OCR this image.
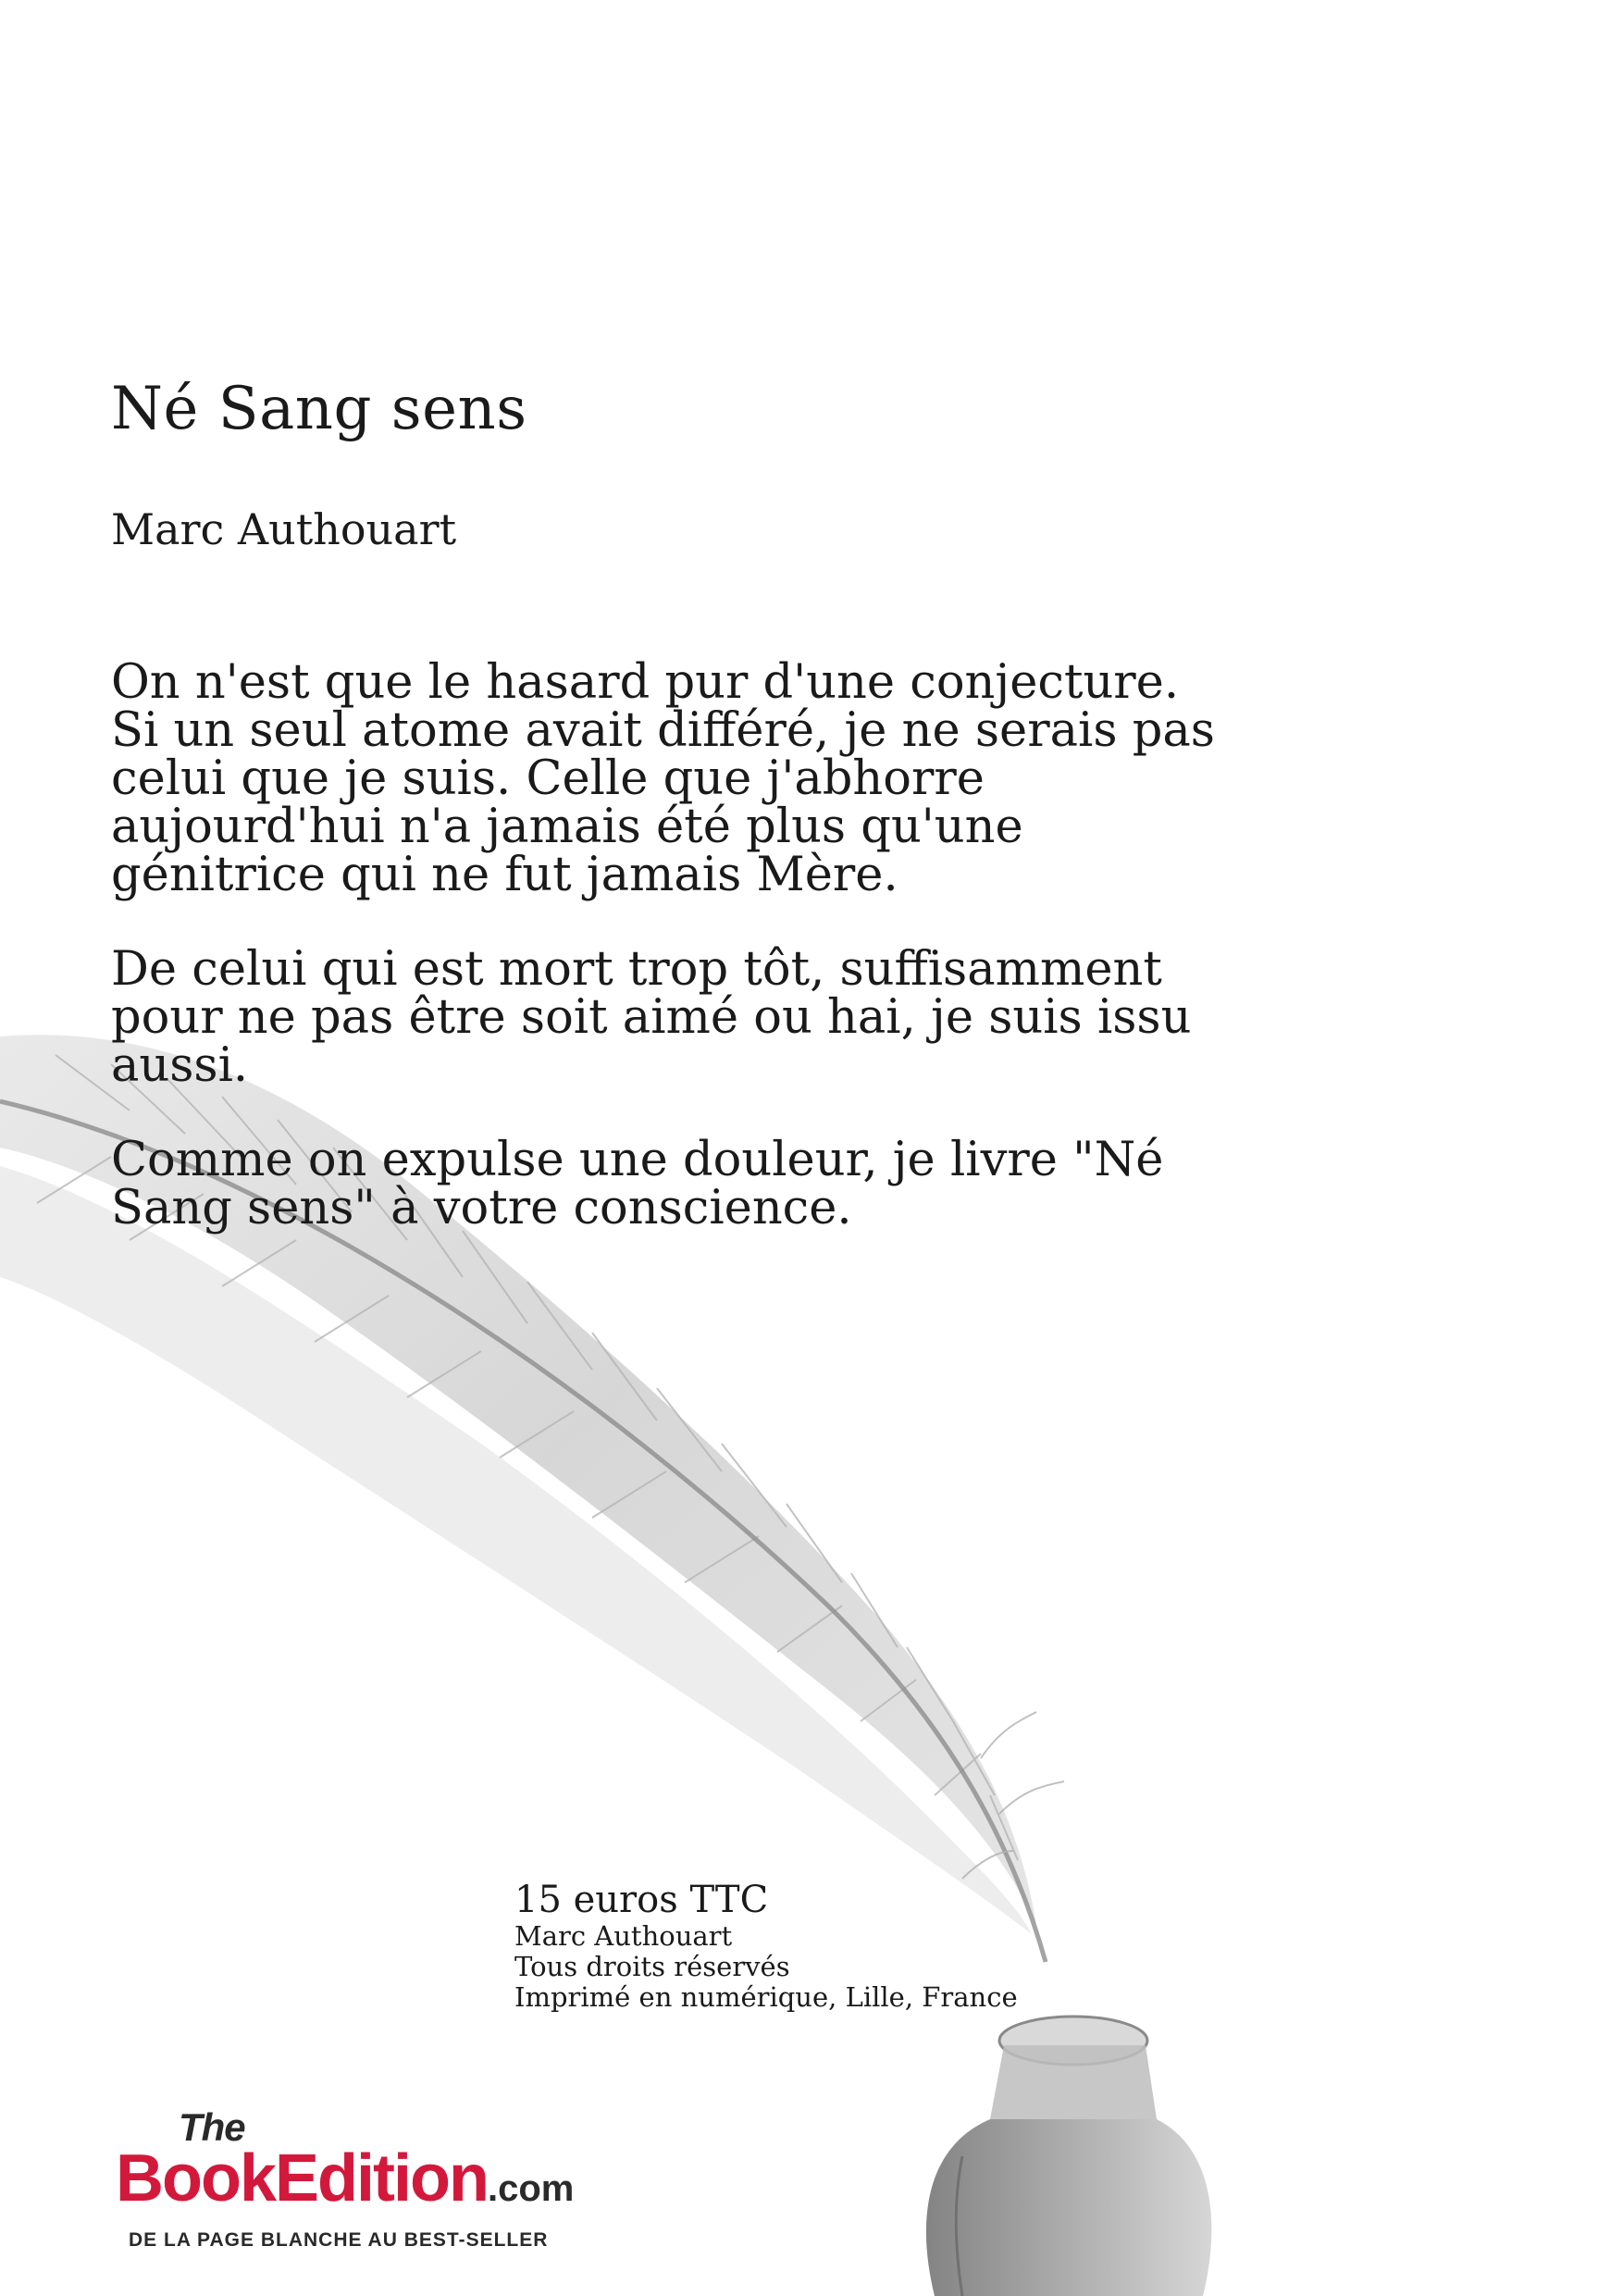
Né Sang sens
Marc Authouart

On n'est que le hasard pur d'une conjecture. Si un seul atome avait différé, je ne serais pas celui que je suis. Celle que j'abhorre aujourd'hui n'a jamais été plus qu'une génitrice qui ne fut jamais Mère.

De celui qui est mort trop tôt, suffisamment pour ne pas être soit aimé ou hai, je suis issu aussi.

Comme on expulse une douleur, je livre "Né Sang sens" à votre conscience.

15 euros TTC

Marc Authouart

Tous droits réservés

Imprimé en numérique, Lille, France

The
BookEdition.com
DE LA PAGE BLANCHE AU BEST-SELLER
